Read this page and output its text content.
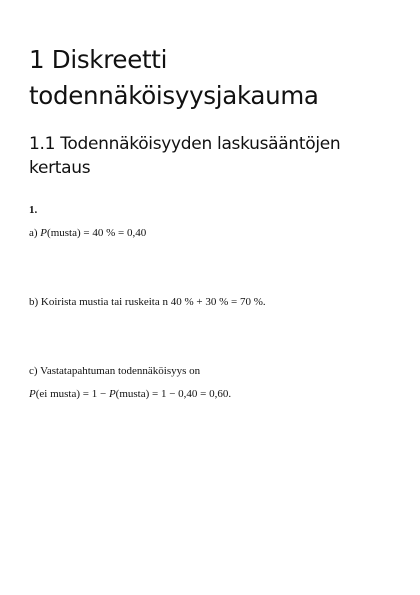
1 Diskreetti
todennäköisyysjakauma
1.1 Todennäköisyyden laskusääntöjen
kertaus
1.
a) P(musta) = 40 % = 0,40
b) Koirista mustia tai ruskeita n 40 % + 30 % = 70 %.
c) Vastatapahtuman todennäköisyys on
P(ei musta) = 1 − P(musta) = 1 − 0,40 = 0,60.
